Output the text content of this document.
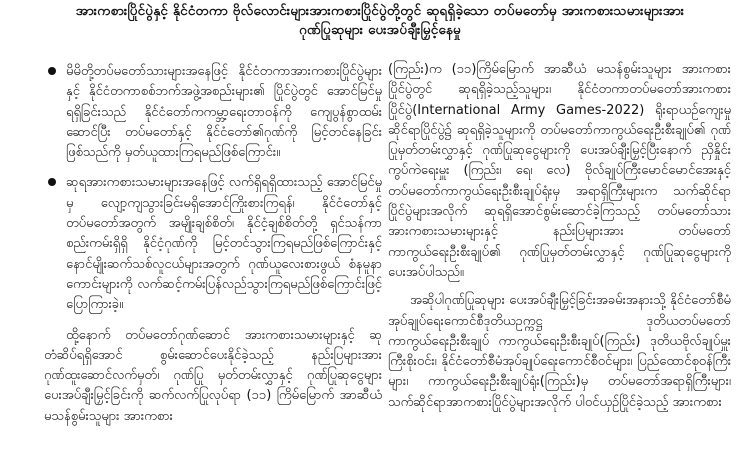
အားကစားပြိုင်ပွဲနှင့် နိုင်ငံတကာ ဗိုလ်လောင်းများအားကစားပြိုင်ပွဲတို့တွင် ဆုရရှိခဲ့သော တပ်မတော်မှ အားကစားသမားများအား
ဂုဏ်ပြုဆုများ ပေးအပ်ချီးမြှင့်နေမှု
မိမိတို့တပ်မတော်သားများအနေဖြင့် နိုင်ငံတကာအားကစားပြိုင်ပွဲများနှင့် နိုင်ငံတကာစစ်ဘက်အဖွဲ့အစည်းများ၏ ပြိုင်ပွဲတွင် အောင်မြင်မှုရရှိခြင်းသည် နိုင်ငံတော်ကကမ္ဘာ့ရေးတာဝန်ကို ကျေပွန်စွာထမ်းဆောင်ပြီး တပ်မတော်နှင့် နိုင်ငံတော်၏ဂုဏ်ကို မြင့်တင်နေခြင်းဖြစ်သည်ကို မှတ်ယူထားကြရမည်ဖြစ်ကြောင်း။
ဆုရအားကစားသမားများအနေဖြင့် လက်ရှိရရှိထားသည့် အောင်မြင်မှုမှ လျော့ကျသွားခြင်းမရှိအောင်ကြိုးစားကြရန်၊ နိုင်ငံတော်နှင့်တပ်မတော်အတွက် အမျိုးချစ်စိတ်၊ နိုင်ငံ့ချစ်စိတ်တို့ ရှင်သန်ကာစည်းကမ်းရှိရှိ နိုင်ငံ့ဂုဏ်ကို မြင့်တင်သွားကြရမည်ဖြစ်ကြောင်းနှင့် နောင်မျိုးဆက်သစ်လူငယ်များအတွက် ဂုဏ်ယူလေးစားဖွယ် စံနမူနာကောင်းများကို လက်ဆင့်ကမ်းပြန်လည်သွားကြရမည်ဖြစ်ကြောင်းဖြင့် ပြောကြားခဲ့။

ထို့နောက် တပ်မတော်ဂုဏ်ဆောင် အားကစားသမားများနှင့် ဆုတံဆိပ်ရရှိအောင် စွမ်းဆောင်ပေးနိုင်ခဲ့သည့် နည်းပြများအား ဂုဏ်ထူးဆောင်လက်မှတ်၊ ဂုဏ်ပြု မှတ်တမ်းလွှာနှင့် ဂုဏ်ပြုဆုငွေများ ပေးအပ်ချီးမြှင့်ခြင်းကို ဆက်လက်ပြုလုပ်ရာ (၁၁) ကြိမ်မြောက် အာဆီယံ မသန်စွမ်းသူများ အားကစား

(ကြည်း)က (၁၁)ကြိမ်မြောက် အာဆီယံ မသန်စွမ်းသူများ အားကစားပြိုင်ပွဲတွင် ဆုရရှိခဲ့သည့်သူများ၊ နိုင်ငံတကာတပ်မတော်အားကစားပြိုင်ပွဲ(International Army Games-2022) ရိုးရာယဉ်ကျေးမှုဆိုင်ရာပြိုင်ပွဲ၌ ဆုရရှိခဲ့သူများကို တပ်မတော်ကာကွယ်ရေးဦးစီးချုပ်၏ ဂုဏ်ပြုမှတ်တမ်းလွှာနှင့် ဂုဏ်ပြုဆုငွေများကို ပေးအပ်ချီးမြှင့်ပြီးနောက် ညှိနှိုင်းကွပ်ကဲရေးမှူး (ကြည်း၊ ရေ၊ လေ) ဗိုလ်ချုပ်ကြီးမောင်မောင်အေးနှင့် တပ်မတော်ကာကွယ်ရေးဦးစီးချုပ်ရုံးမှ အရာရှိကြီးများက သက်ဆိုင်ရာပြိုင်ပွဲများအလိုက် ဆုရရှိအောင်စွမ်းဆောင်ခဲ့ကြသည့် တပ်မတော်သား အားကစားသမားများနှင့် နည်းပြများအား တပ်မတော်ကာကွယ်ရေးဦးစီးချုပ်၏ ဂုဏ်ပြုမှတ်တမ်းလွှာနှင့် ဂုဏ်ပြုဆုငွေများကို ပေးအပ်ပါသည်။

အဆိုပါဂုဏ်ပြုဆုများ ပေးအပ်ချီးမြှင့်ခြင်းအခမ်းအနားသို့ နိုင်ငံတော်စီမံအုပ်ချုပ်ရေးကောင်စီဒုတိယဥက္ကဋ္ဌ ဒုတိယတပ်မတော်ကာကွယ်ရေးဦးစီးချုပ် ကာကွယ်ရေးဦးစီးချုပ်(ကြည်း) ဒုတိယဗိုလ်ချုပ်မှူးကြီးစိုးဝင်း၊ နိုင်ငံတော်စီမံအုပ်ချုပ်ရေးကောင်စီဝင်များ၊ ပြည်ထောင်စုဝန်ကြီးများ၊ ကာကွယ်ရေးဦးစီးချုပ်ရုံး(ကြည်း)မှ တပ်မတော်အရာရှိကြီးများ၊ သက်ဆိုင်ရာအာကစားပြိုင်ပွဲများအလိုက် ပါဝင်ယှဉ်ပြိုင်ခဲ့သည့် အားကစား
